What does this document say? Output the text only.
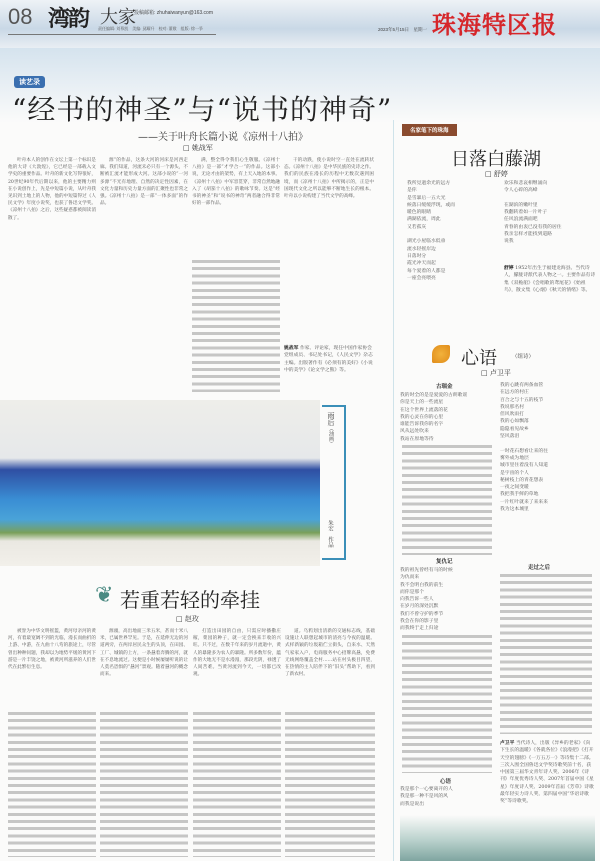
08 湾韵 大家
投稿邮箱: zhuhaiwanyun@163.com
责任编辑: 刘慕凯　美编: 邱耀升　校对: 董敬　组版: 徐一爭	2023年5月15日　星期一 珠海特区报
读艺录
“经书的神圣”与“说书的神奇”
——关于叶舟长篇小说《凉州十八拍》
□ 姚战军
叶舟本人的创作在文坛上第一个标识是他的大诗《大敦煌》，它已经是一部载入文学史的重要作品。叶舟的新文化写得很好，20世纪90年代后期以来，他的主要精力则在小说创作上，先是中短篇小说，从叶舟我见识到土地上的人物，他的中短篇得过《人民文学》年度小说奖，也获了鲁迅文学奖。《凉州十八拍》之后，这些疑惑都被阅读消散了。
源”的作品，这条大河的河床是河西走廊。我们知道，河流未必只有一个源头，不断被汇流才能形成大河。这部小说的“一河多源”不光有地理、自然的决定性因素，在文化力量和历史力量方面的汇聚性也非常之强。《凉州十八拍》是一部“一体多面”的作品。
满，整全得令我们心生敬服。《凉州十八拍》是一部“才学合一”的作品。这部小说，无论才由的架势，有上天入地的本事。《凉州十八拍》中军容贯穿，非常自然地融入了《胡笳十八拍》的歌咏节奏。这是“经书的神圣”和“说书的神奇”两者融合得非常好的一部作品。
干的动跌，使小说时空一直处在流转状态。《凉州十八拍》是中华民族的史诗之作。我们的民族在漫长的历程中无数次遇到困境，而《凉州十八拍》中所揭示的，正是中国现代文化之所以能够不断地生长的根本。叶舟以小说构建了当代文学的高峰。
姚战军 作家、评论家，现任中国作家协会党组成员、书记处书记，《人民文学》杂志主编。出版著作有《必须有的美好》《小说中的美学》《论文学之熊》等。
雨后（油画）
朱宏　作品
名家笔下的珠海
日落白藤湖
□ 舒婷
我所見過余光的远方
是你
是雪暴后一五大光
候落日缓缓浮现，或而
暖色的眼睛
满湖依流，周此
又若孤灰

湖光小屋临水低垂
流水轻摇岸边
日落时分
霞光冲天而起
每个爱着的人都是
一座会亮喂亮
欢乐和悲哀相继涌向
令人心碎的高峰

在湖滨的嫩叶里
我翻转着如一片叶子
任风浪流满面吧
青春的由衷已没有我的居住
我亲怎样才能找到道路
说我
舒婷 1952年出生于福建龙海县。当代诗人，朦胧诗派代表人物之一。主要作品有诗集《双桅船》《会唱歌的鸢尾花》《始祖鸟》，散文集《心烟》《秋天的情绪》等。
心语	（组诗）
□ 卢卫平
古瑞金
我的时全的是是爱爱的古朗歌谣
你是天上的一些流星
在这个世界上流落的花
我的心灵在你的心里
谁能告诉我你的名字
风从远处吹来
我站在原地等待
复仇记
我的祖先曾经有马的时候
为仇而来
我不会明白我的前生
而你是那个
向我告诉一些人
在岁月的深处沉默
我们不曾守护的季节
我会在你的影子里
而我终于走上归途
心语
我是那个一心要离开的人
我是那一种不是风的风
而我是说出
我的心跳有两条血管
在远方的村庄
百合之与十五的枝节
我说那名村
但风吹雨打
我的心如飘落
隐隐看见故乡
坚风落泪

一时花石想看让来的往
雾外成为地层
城市里住着没有人知道
是宇宙的个人
秘树枝上的青花想表
一夜之间变暖
我把我手鲜的草地
一片红叶就来了来来来
我为这本城里
走过之后
卢卫平 当代诗人，出版《异乡的老家》《向下生长的温暖》《各就各位》《浪漫把》《打开天空的翅膀》《一万五万一》等诗集十二部。三次入围全国鲁迅文学奖诗歌奖前十名，获中国第三届华文青年诗人奖、2006年《诗刊》年度优秀诗人奖、2007年首届中国《星星》年度诗人奖、2009年首届《芳草》诗歌最年轻实力诗人奖、第四届中国“华语诗歌奖”等诗歌奖。
❦ 若重若轻的牵挂
□ 赵玫
被誉为中华文明摇篮，黄河母亲河的黄河，有着最宽阔不到的光临，漫长而曲折的上游、中游，在九曲十八弯的旅途上，尽管曾出种种问题，我却以为地势平缓的黄河下游是一片丰饶之地，被黄河所滋养的人们世代在此繁衍生息。
源頭，高出地面三米五米，甚而十米八米，已属世界罕见。于是，在延伸无边的河道两旁，在两岸居民众生的头顶，在田园、工厂、城镇的上方，一条悬着奔腾的河，就在不息地流过。这便是小时候屡屡听说的让人莫名恐惧的“悬河”景观。随着悬河的概念而来。
打造出田园的自由，只需应时播撒庄稼，菜园的种子，就一定会换来丰收的兴旺。只不过，在数千年来的岁月流逝中，黄人的暴隆多为农人的暴隆。所多数年份，蕴作的大地无不是水漫漫，那段光阴，禄透了人间苦难。当黄河流到今天，一切都已改观。
道。乌鸦划出清新的交通标志线，基础设施让人联想起城市的清亮与今夜的温暖。式样新颖的垃圾箱伫立街头，自来水、天然气家家入户，电商服务中心招牌高悬，免费无线网络覆盖全村……站在村头极目四望，在热情的主人陪伴下的“旧头”帮助下，看到了新农村。
